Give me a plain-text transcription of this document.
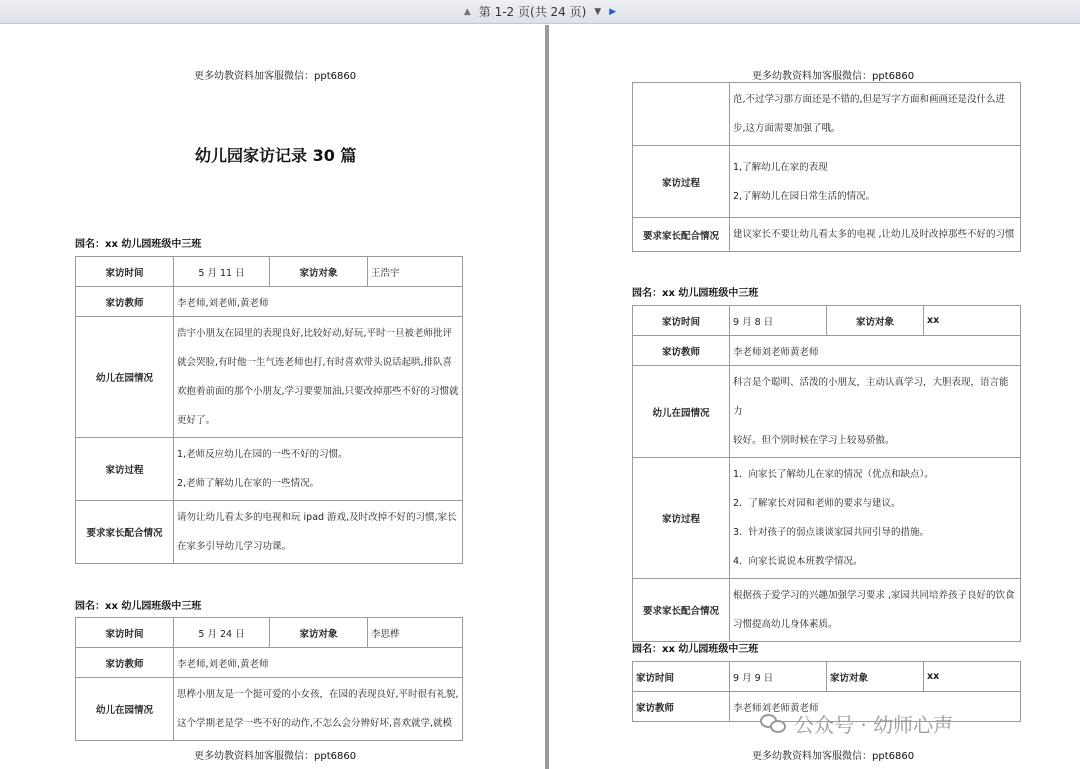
▲ 第 1-2 页(共 24 页) ▼ ▶
更多幼教资料加客服微信：ppt6860
幼儿园家访记录 30 篇
园名：xx 幼儿园班级中三班
家访时间	5 月 11 日	家访对象	王浩宇
家访教师	李老师,刘老师,黄老师		
幼儿在园情况	浩宇小朋友在园里的表现良好,比较好动,好玩,平时一旦被老师批评

就会哭脸,有时他一生气连老师也打,有时喜欢带头说话起哄,排队喜

欢抱着前面的那个小朋友,学习要要加油,只要改掉那些不好的习惯就

更好了。		

家访过程	1,老师反应幼儿在园的一些不好的习惯。

2,老师了解幼儿在家的一些情况。		

要求家长配合情况	请勿让幼儿看太多的电视和玩 ipad 游戏,及时改掉不好的习惯,家长

在家多引导幼儿学习功课。		

园名：xx 幼儿园班级中三班
家访时间	5 月 24 日	家访对象	李思桦
家访教师	李老师,刘老师,黄老师		
幼儿在园情况	思桦小朋友是一个挺可爱的小女孩，在园的表现良好,平时很有礼貌,

这个学期老是学一些不好的动作,不怎么会分辨好坏,喜欢就学,就模		

更多幼教资料加客服微信：ppt6860
更多幼教资料加客服微信：ppt6860

	范,不过学习那方面还是不错的,但是写字方面和画画还是没什么进

步,这方面需要加强了哦。

家访过程	1,了解幼儿在家的表现

2,了解幼儿在园日常生活的情况。

要求家长配合情况	建议家长不要让幼儿看太多的电视 ,让幼儿及时改掉那些不好的习惯

园名：xx 幼儿园班级中三班
家访时间	9 月 8 日	家访对象	xx
家访教师	李老师刘老师黄老师		
幼儿在园情况	科言是个聪明、活泼的小朋友，主动认真学习，大胆表现，语言能力

较好。但个别时候在学习上较易骄傲。		

家访过程	1．向家长了解幼儿在家的情况（优点和缺点）。

2．了解家长对园和老师的要求与建议。

3．针对孩子的弱点谈谈家园共同引导的措施。

4．向家长说说本班教学情况。		

要求家长配合情况	根据孩子爱学习的兴趣加强学习要求 ,家园共同培养孩子良好的饮食

习惯提高幼儿身体素质。		

园名：xx 幼儿园班级中三班
家访时间	9 月 9 日	家访对象	xx
家访教师	李老师刘老师黄老师		
更多幼教资料加客服微信：ppt6860
公众号 · 幼师心声
